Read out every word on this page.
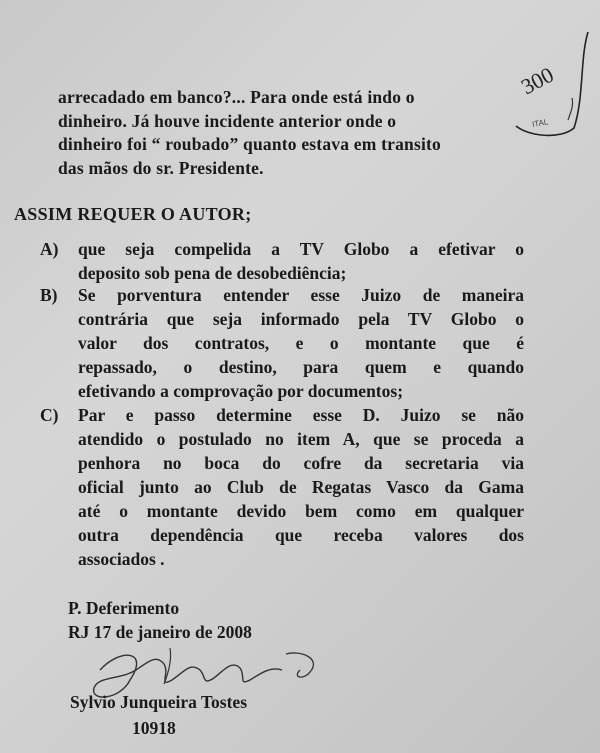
300
ITAL
arrecadado em banco?... Para onde está indo o
dinheiro. Já houve incidente anterior onde o
dinheiro foi “ roubado” quanto estava em transito
das mãos do sr. Presidente.
ASSIM REQUER O AUTOR;
A)	que seja compelida a TV Globo a efetivar o
deposito sob pena de desobediência;
B)	Se porventura entender esse Juizo de maneira
contrária que seja informado pela TV Globo o
valor dos contratos, e o montante que é
repassado, o destino, para quem e quando
efetivando a comprovação por documentos;
C)	Par e passo determine esse D. Juizo se não
atendido o postulado no item A, que se proceda a
penhora no boca do cofre da secretaria via
oficial junto ao Club de Regatas Vasco da Gama
até o montante devido bem como em qualquer
outra dependência que receba valores dos
associados .
P. Deferimento
RJ 17 de janeiro de 2008
Sylvio Junqueira Tostes
10918
